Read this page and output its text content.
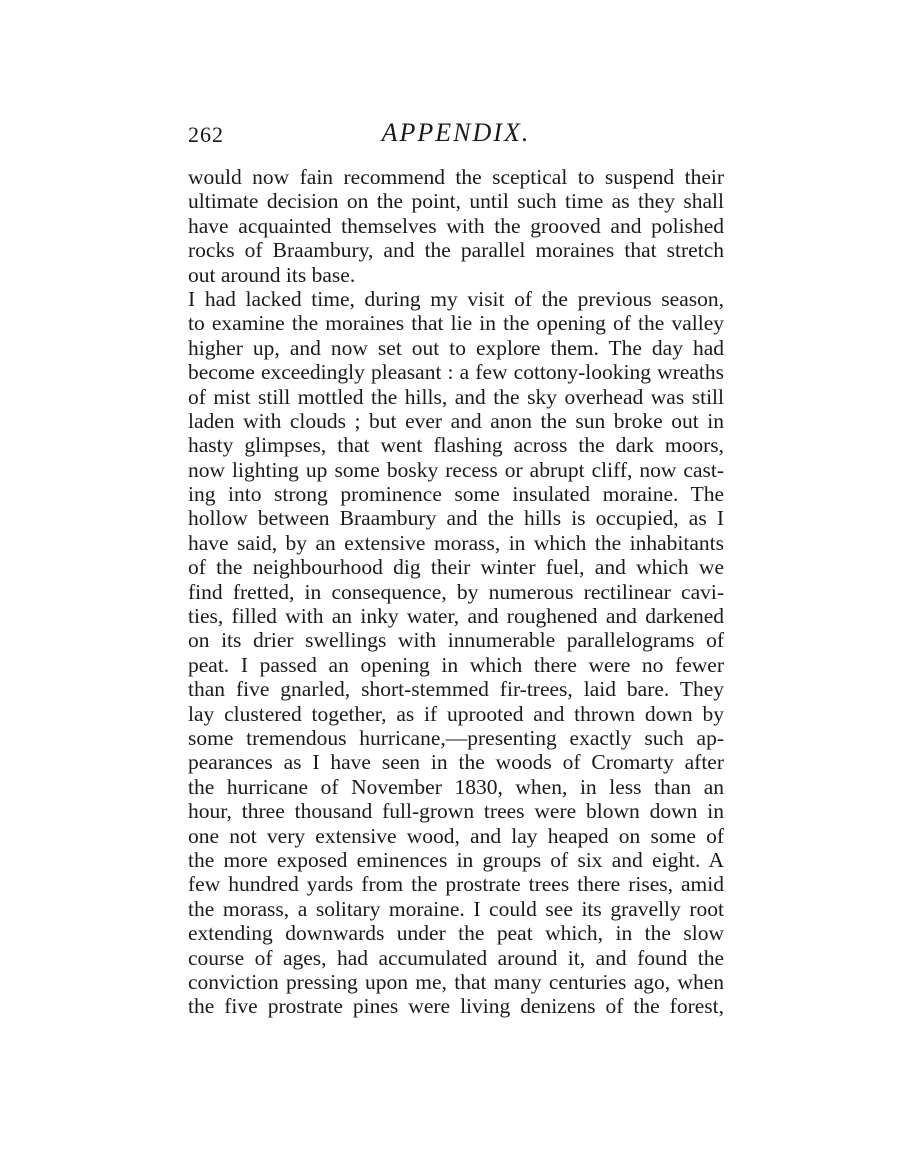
262	APPENDIX.
would now fain recommend the sceptical to suspend their
ultimate decision on the point, until such time as they shall
have acquainted themselves with the grooved and polished
rocks of Braambury, and the parallel moraines that stretch
out around its base.
I had lacked time, during my visit of the previous season,
to examine the moraines that lie in the opening of the valley
higher up, and now set out to explore them. The day had
become exceedingly pleasant : a few cottony-looking wreaths
of mist still mottled the hills, and the sky overhead was still
laden with clouds ; but ever and anon the sun broke out in
hasty glimpses, that went flashing across the dark moors,
now lighting up some bosky recess or abrupt cliff, now cast-
ing into strong prominence some insulated moraine. The
hollow between Braambury and the hills is occupied, as I
have said, by an extensive morass, in which the inhabitants
of the neighbourhood dig their winter fuel, and which we
find fretted, in consequence, by numerous rectilinear cavi-
ties, filled with an inky water, and roughened and darkened
on its drier swellings with innumerable parallelograms of
peat. I passed an opening in which there were no fewer
than five gnarled, short-stemmed fir-trees, laid bare. They
lay clustered together, as if uprooted and thrown down by
some tremendous hurricane,—presenting exactly such ap-
pearances as I have seen in the woods of Cromarty after
the hurricane of November 1830, when, in less than an
hour, three thousand full-grown trees were blown down in
one not very extensive wood, and lay heaped on some of
the more exposed eminences in groups of six and eight. A
few hundred yards from the prostrate trees there rises, amid
the morass, a solitary moraine. I could see its gravelly root
extending downwards under the peat which, in the slow
course of ages, had accumulated around it, and found the
conviction pressing upon me, that many centuries ago, when
the five prostrate pines were living denizens of the forest,
